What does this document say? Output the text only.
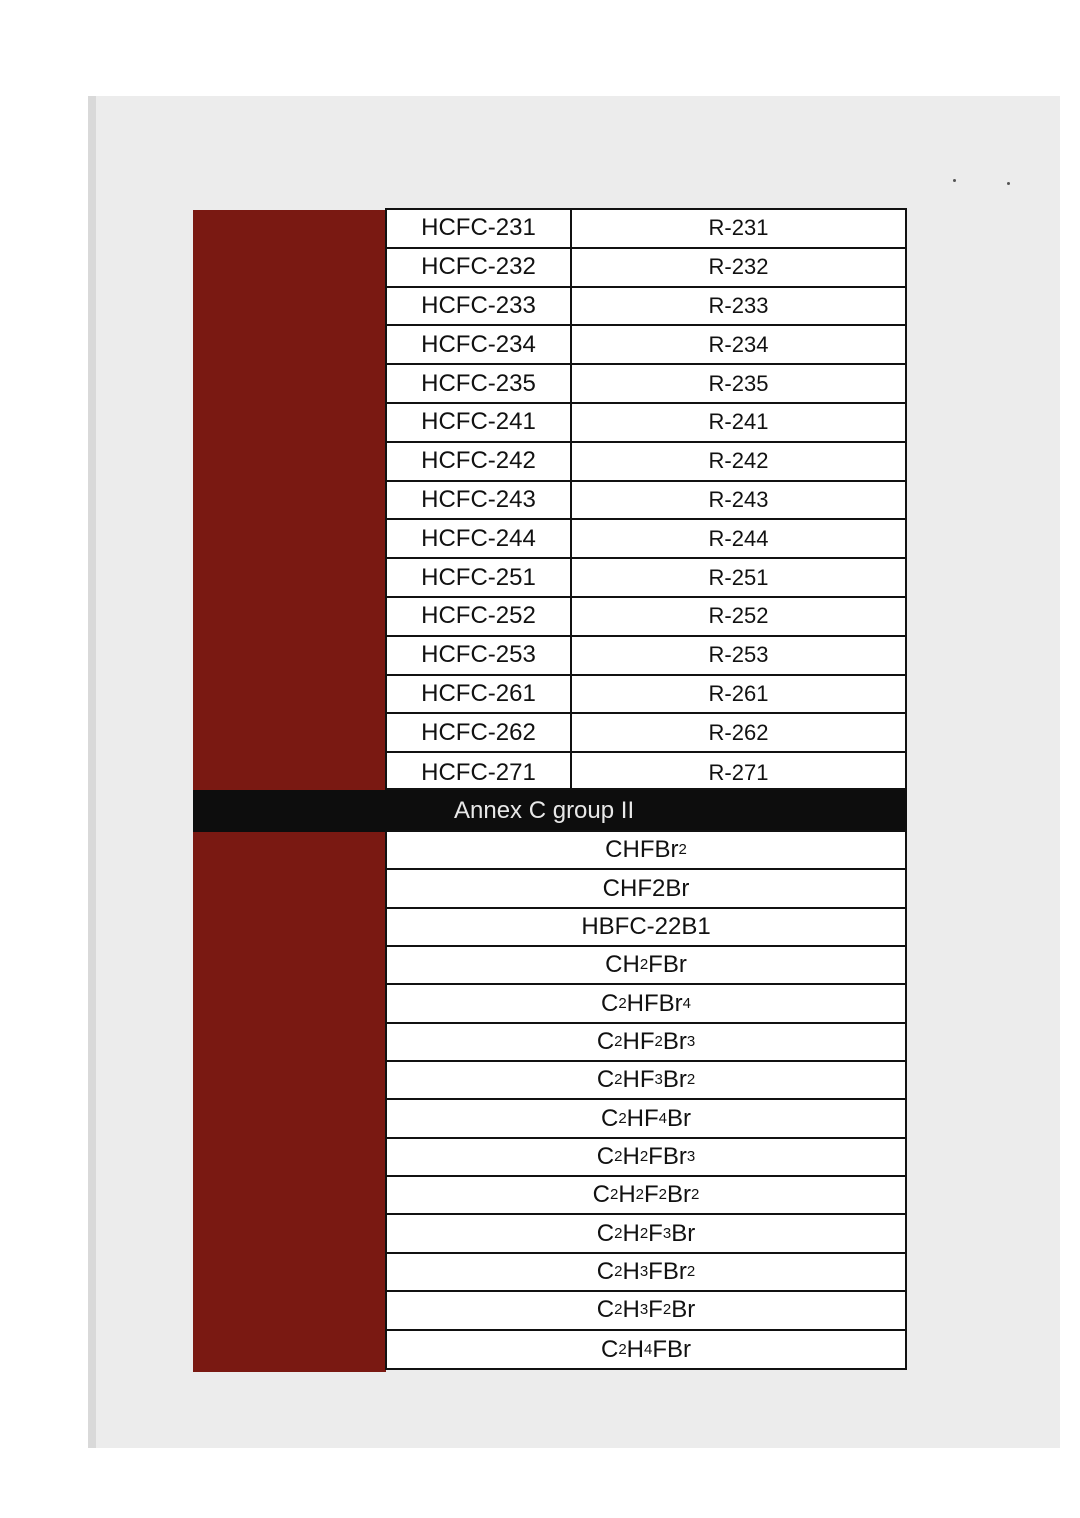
HCFC-231	R-231
HCFC-232	R-232
HCFC-233	R-233
HCFC-234	R-234
HCFC-235	R-235
HCFC-241	R-241
HCFC-242	R-242
HCFC-243	R-243
HCFC-244	R-244
HCFC-251	R-251
HCFC-252	R-252
HCFC-253	R-253
HCFC-261	R-261
HCFC-262	R-262
HCFC-271	R-271
Annex C group II
CHFBr 2
CHF2Br
HBFC-22B1
CH 2 FBr
C 2 HFBr 4
C 2 HF 2 Br 3
C 2 HF 3 Br 2
C 2 HF 4 Br
C 2 H 2 FBr 3
C 2 H 2 F 2 Br 2
C 2 H 2 F 3 Br
C 2 H 3 FBr 2
C 2 H 3 F 2 Br
C 2 H 4 FBr
